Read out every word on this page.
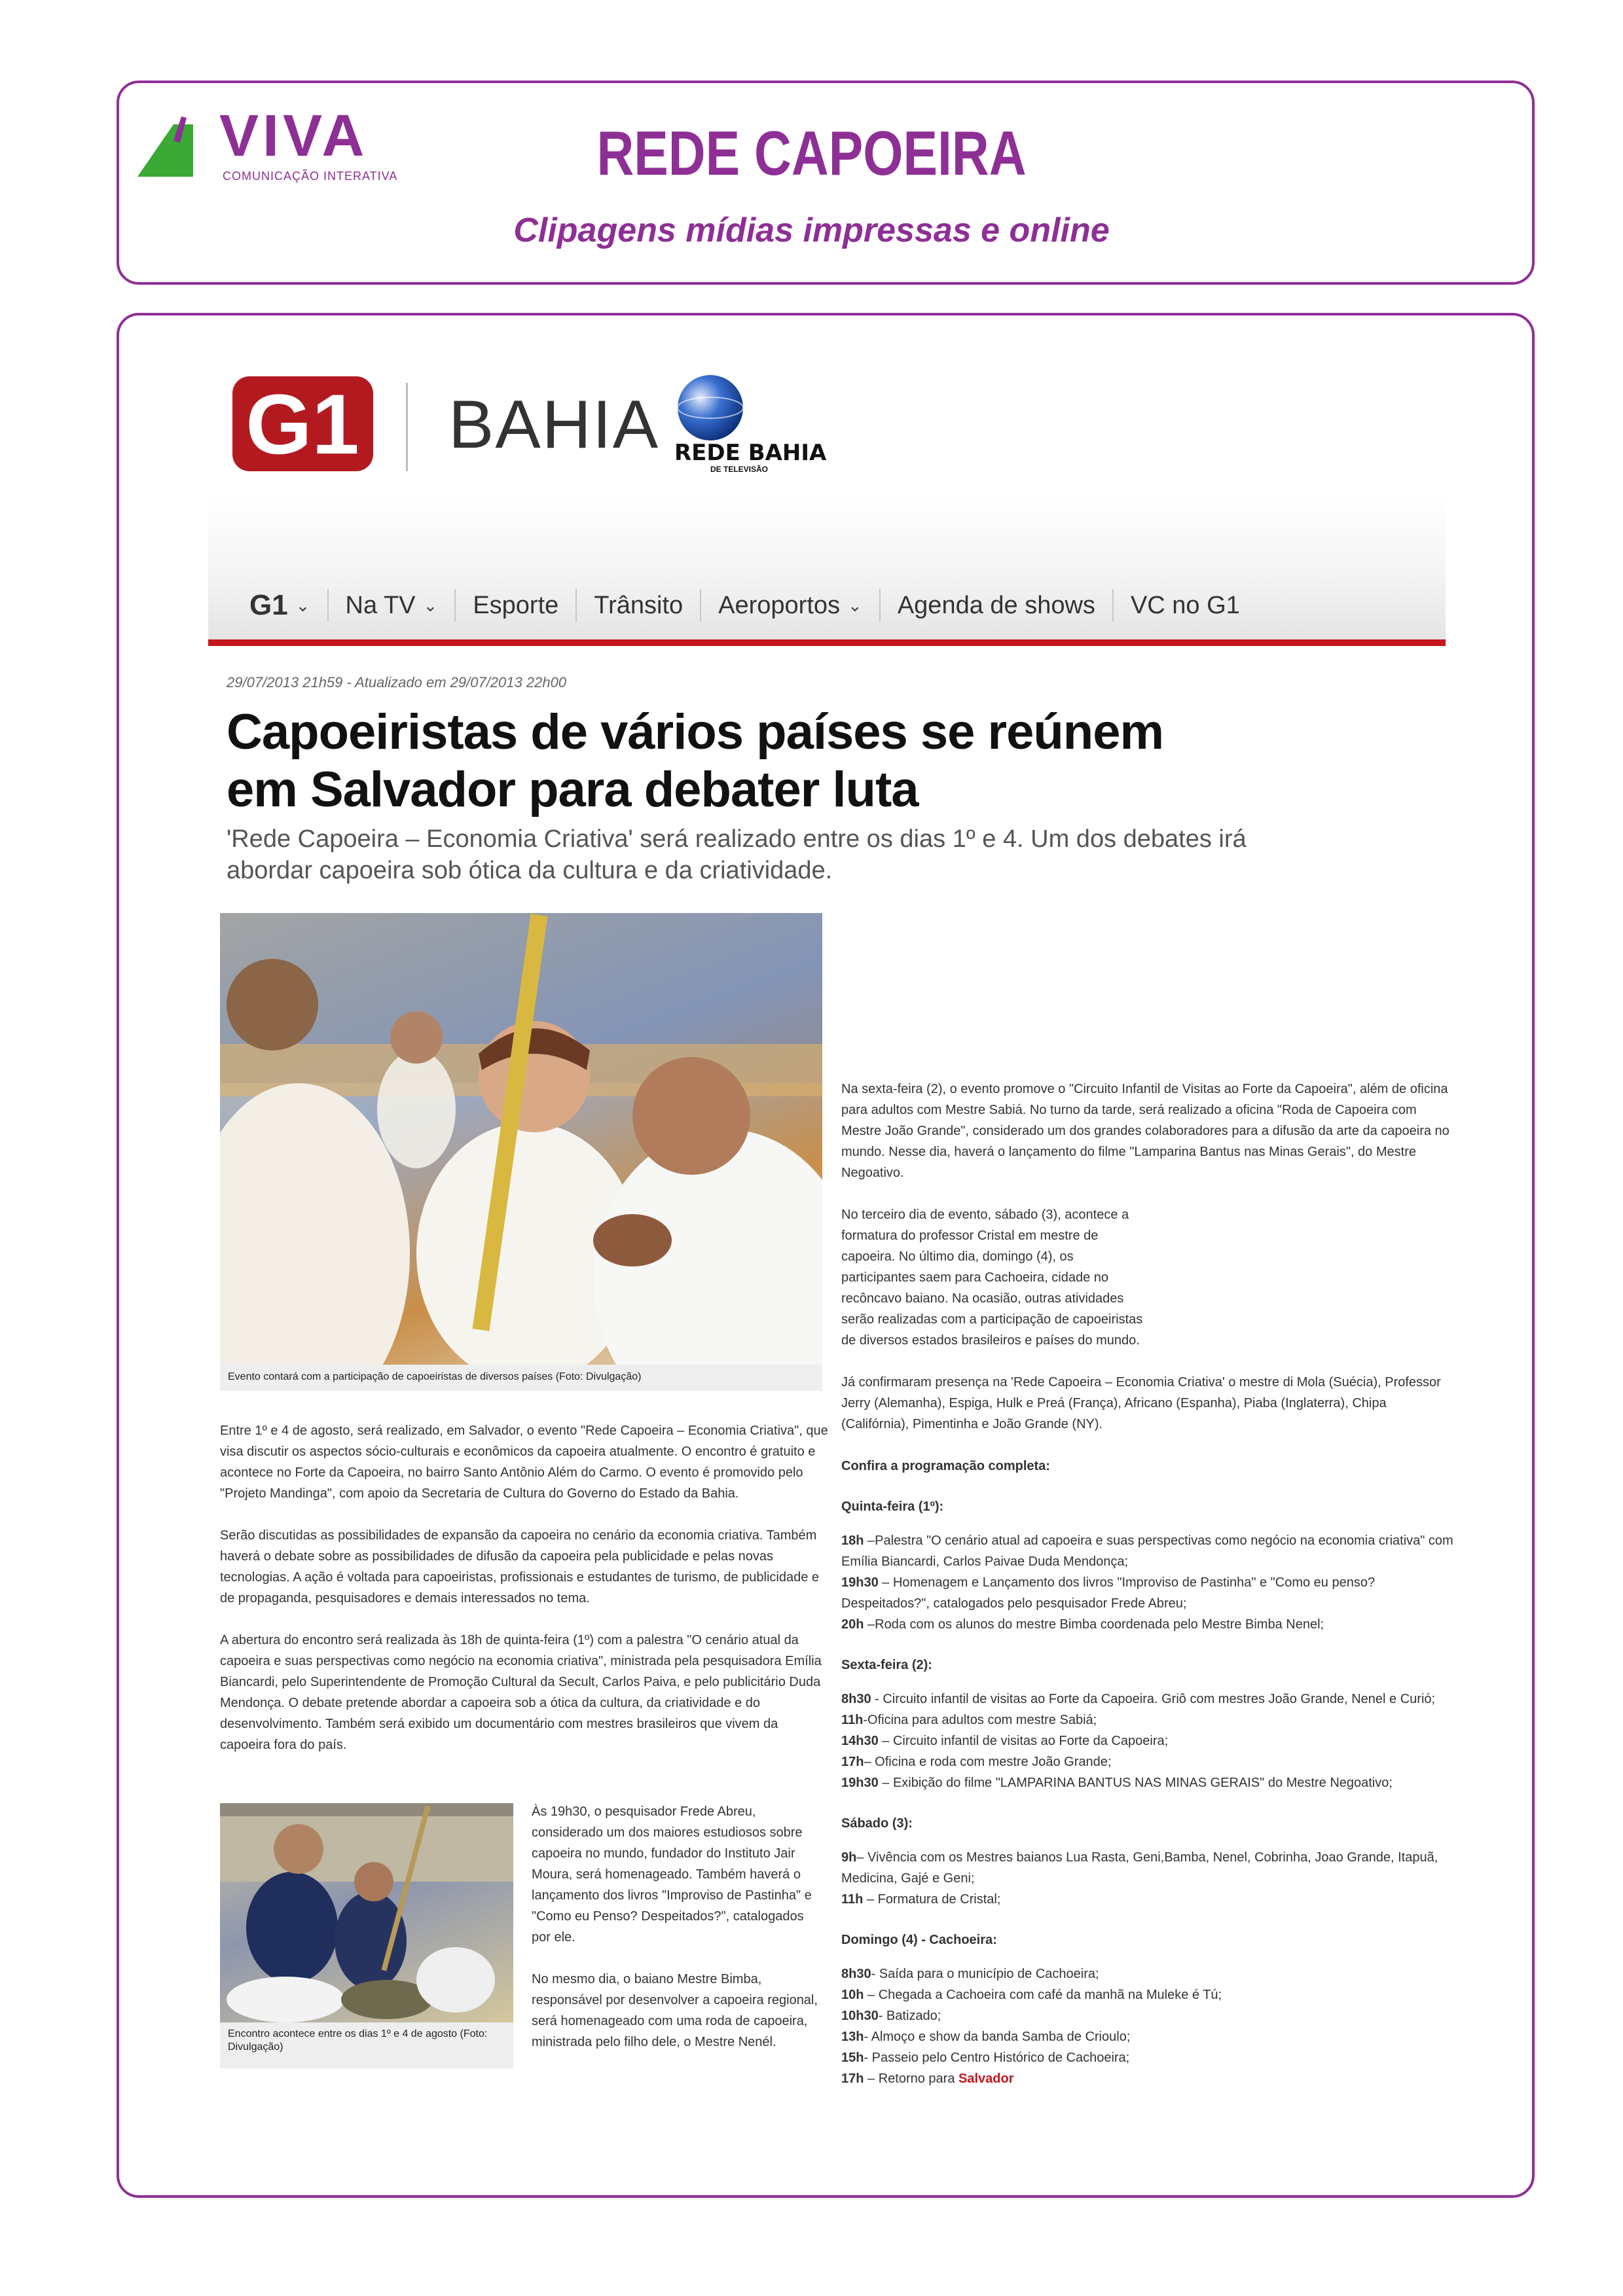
VIVA
COMUNICAÇÃO INTERATIVA	REDE CAPOEIRA
Clipagens mídias impressas e online
G1 BAHIA REDE BAHIA
DE TELEVISÃO
G1 ⌄ Na TV ⌄ Esporte Trânsito Aeroportos ⌄ Agenda de shows VC no G1
29/07/2013 21h59 - Atualizado em 29/07/2013 22h00
Capoeiristas de vários países se reúnem em Salvador para debater luta
'Rede Capoeira – Economia Criativa' será realizado entre os dias 1º e 4. Um dos debates irá abordar capoeira sob ótica da cultura e da criatividade.
Evento contará com a participação de capoeiristas de diversos países (Foto: Divulgação)

Entre 1º e 4 de agosto, será realizado, em Salvador, o evento "Rede Capoeira – Economia Criativa", que visa discutir os aspectos sócio-culturais e econômicos da capoeira atualmente. O encontro é gratuito e acontece no Forte da Capoeira, no bairro Santo Antônio Além do Carmo. O evento é promovido pelo "Projeto Mandinga", com apoio da Secretaria de Cultura do Governo do Estado da Bahia.

Serão discutidas as possibilidades de expansão da capoeira no cenário da economia criativa. Também haverá o debate sobre as possibilidades de difusão da capoeira pela publicidade e pelas novas tecnologias. A ação é voltada para capoeiristas, profissionais e estudantes de turismo, de publicidade e de propaganda, pesquisadores e demais interessados no tema.

A abertura do encontro será realizada às 18h de quinta-feira (1º) com a palestra "O cenário atual da capoeira e suas perspectivas como negócio na economia criativa", ministrada pela pesquisadora Emília Biancardi, pelo Superintendente de Promoção Cultural da Secult, Carlos Paiva, e pelo publicitário Duda Mendonça. O debate pretende abordar a capoeira sob a ótica da cultura, da criatividade e do desenvolvimento. Também será exibido um documentário com mestres brasileiros que vivem da capoeira fora do país.

Encontro acontece entre os dias 1º e 4 de agosto (Foto: Divulgação)

Às 19h30, o pesquisador Frede Abreu, considerado um dos maiores estudiosos sobre capoeira no mundo, fundador do Instituto Jair Moura, será homenageado. Também haverá o lançamento dos livros "Improviso de Pastinha" e "Como eu Penso? Despeitados?", catalogados por ele.

No mesmo dia, o baiano Mestre Bimba, responsável por desenvolver a capoeira regional, será homenageado com uma roda de capoeira, ministrada pelo filho dele, o Mestre Nenél.

Na sexta-feira (2), o evento promove o "Circuito Infantil de Visitas ao Forte da Capoeira", além de oficina para adultos com Mestre Sabiá. No turno da tarde, será realizado a oficina "Roda de Capoeira com Mestre João Grande", considerado um dos grandes colaboradores para a difusão da arte da capoeira no mundo. Nesse dia, haverá o lançamento do filme "Lamparina Bantus nas Minas Gerais", do Mestre Negoativo.

No terceiro dia de evento, sábado (3), acontece a formatura do professor Cristal em mestre de capoeira. No último dia, domingo (4), os participantes saem para Cachoeira, cidade no recôncavo baiano. Na ocasião, outras atividades serão realizadas com a participação de capoeiristas de diversos estados brasileiros e países do mundo.

Já confirmaram presença na 'Rede Capoeira – Economia Criativa' o mestre di Mola (Suécia), Professor Jerry (Alemanha), Espiga, Hulk e Preá (França), Africano (Espanha), Piaba (Inglaterra), Chipa (Califórnia), Pimentinha e João Grande (NY).

Confira a programação completa:

Quinta-feira (1º):

18h –Palestra "O cenário atual ad capoeira e suas perspectivas como negócio na economia criativa" com Emília Biancardi, Carlos Paivae Duda Mendonça;

19h30 – Homenagem e Lançamento dos livros "Improviso de Pastinha" e "Como eu penso? Despeitados?", catalogados pelo pesquisador Frede Abreu;

20h –Roda com os alunos do mestre Bimba coordenada pelo Mestre Bimba Nenel;

Sexta-feira (2):

8h30 - Circuito infantil de visitas ao Forte da Capoeira. Griô com mestres João Grande, Nenel e Curió;

11h-Oficina para adultos com mestre Sabiá;

14h30 – Circuito infantil de visitas ao Forte da Capoeira;

17h– Oficina e roda com mestre João Grande;

19h30 – Exibição do filme "LAMPARINA BANTUS NAS MINAS GERAIS" do Mestre Negoativo;

Sábado (3):

9h– Vivência com os Mestres baianos Lua Rasta, Geni,Bamba, Nenel, Cobrinha, Joao Grande, Itapuã, Medicina, Gajé e Geni;

11h – Formatura de Cristal;

Domingo (4) - Cachoeira:

8h30- Saída para o município de Cachoeira;

10h – Chegada a Cachoeira com café da manhã na Muleke é Tú;

10h30- Batizado;

13h- Almoço e show da banda Samba de Crioulo;

15h- Passeio pelo Centro Histórico de Cachoeira;

17h – Retorno para Salvador
